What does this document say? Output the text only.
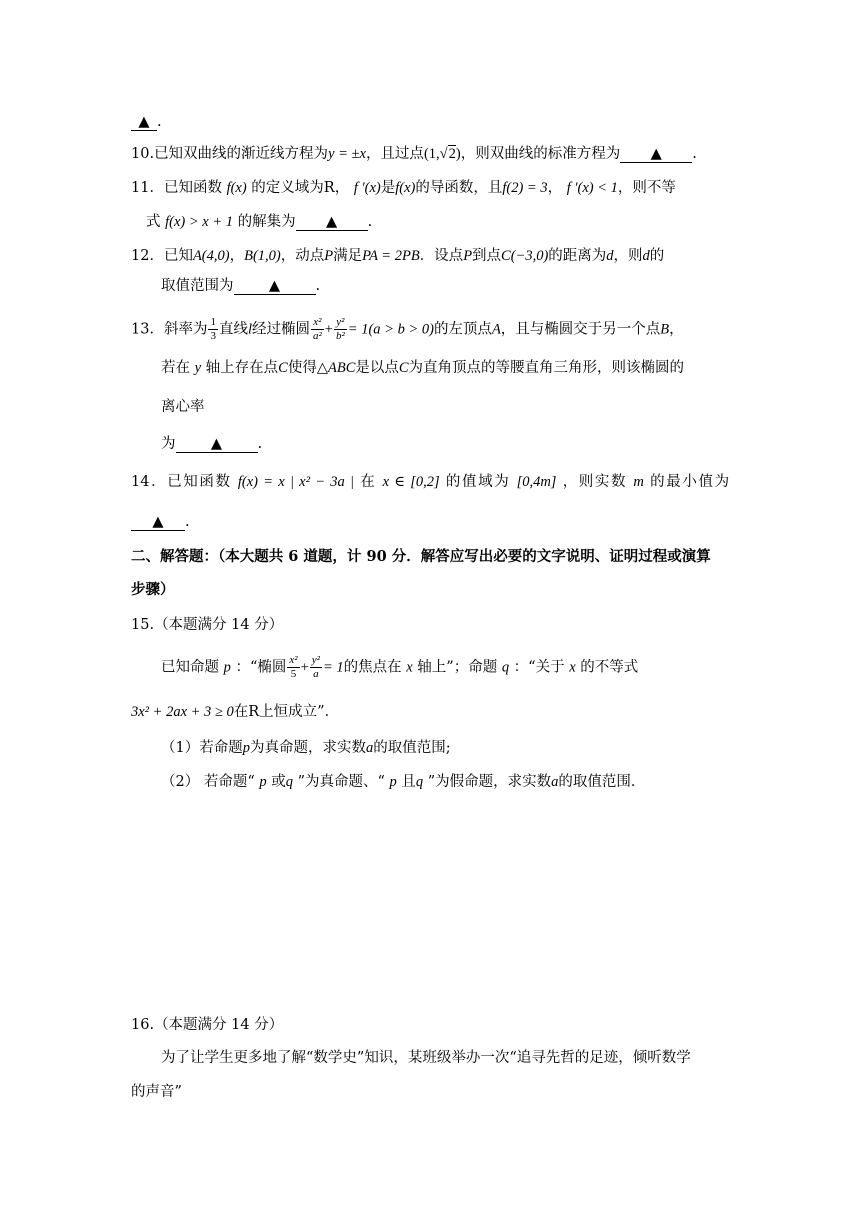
▲ .
10.已知双曲线的渐近线方程为y = ±x，且过点(1,√2)，则双曲线的标准方程为 ▲ .
11．已知函数 f(x) 的定义域为R， f ′(x)是f(x)的导函数，且f(2) = 3， f ′(x) < 1，则不等
式 f(x) > x + 1 的解集为 ▲ .
12．已知A(4,0)，B(1,0)，动点P满足PA = 2PB．设点P到点C(−3,0)的距离为d，则d的
取值范围为 ▲ .
13．斜率为 $\frac{1}{3}$ 直线l经过椭圆 $\frac{\text{x²}}{\text{a²}} + \frac{\text{y²}}{\text{b²}} = 1(a > b > 0)$的左顶点A，且与椭圆交于另一个点B，
若在 y 轴上存在点C使得△ABC是以点C为直角顶点的等腰直角三角形，则该椭圆的
离心率
为 ▲ .
14．已知函数 f(x) = x | x² − 3a | 在 x ∈ [0,2] 的值域为 [0,4m] ，则实数 m 的最小值为
▲ .
二、解答题：（本大题共 6 道题，计 90 分．解答应写出必要的文字说明、证明过程或演算
步骤）
15.（本题满分 14 分）
已知命题 p ：“椭圆 $\frac{\text{x²}}{5} + \frac{\text{y²}}{a} = 1$的焦点在 x 轴上”；命题 q ：“关于 x 的不等式
3x² + 2ax + 3 ≥ 0在R上恒成立”．
（1）若命题p为真命题，求实数a的取值范围;
（2） 若命题“ p 或q ”为真命题、“ p 且q ”为假命题，求实数a的取值范围．
16.（本题满分 14 分）
为了让学生更多地了解“数学史”知识，某班级举办一次“追寻先哲的足迹，倾听数学
的声音”
